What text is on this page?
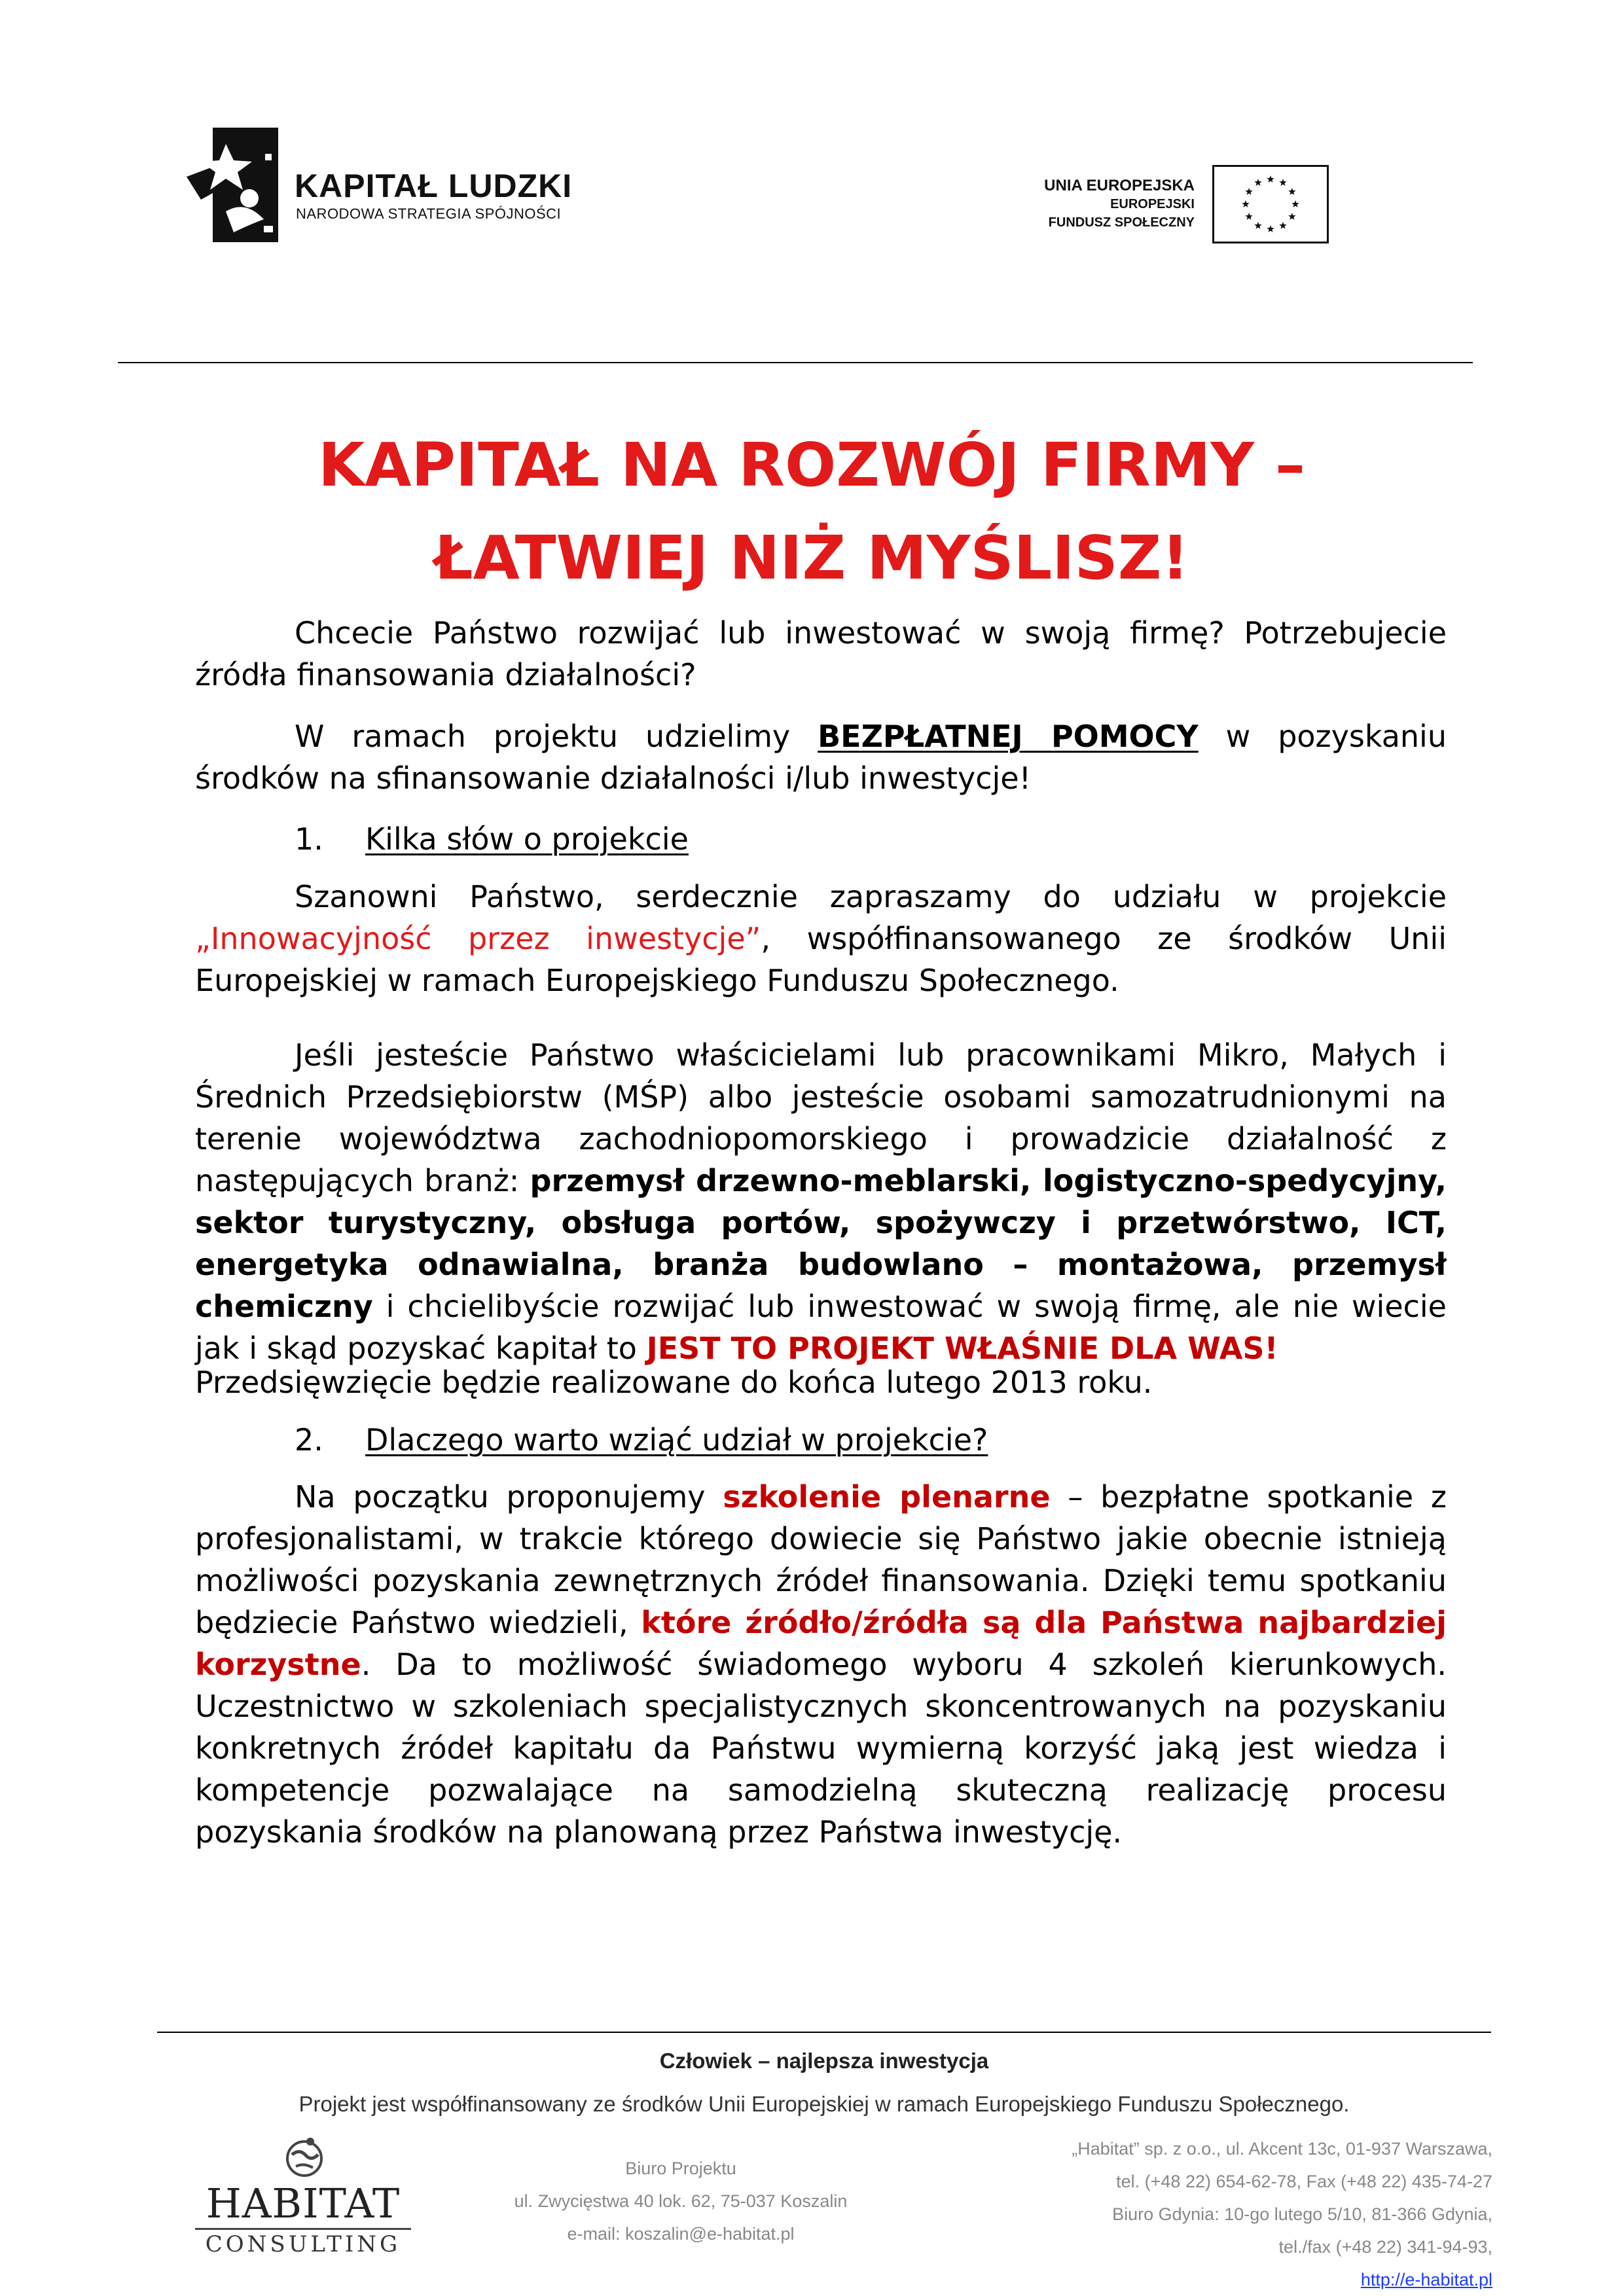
KAPITAŁ LUDZKI
NARODOWA STRATEGIA SPÓJNOŚCI
UNIA EUROPEJSKA
EUROPEJSKI
FUNDUSZ SPOŁECZNY
KAPITAŁ NA ROZWÓJ FIRMY –
ŁATWIEJ NIŻ MYŚLISZ!
Chcecie Państwo rozwijać lub inwestować w swoją firmę? Potrzebujecie źródła finansowania działalności?
W ramach projektu udzielimy BEZPŁATNEJ POMOCY w pozyskaniu środków na sfinansowanie działalności i/lub inwestycje!
1. Kilka słów o projekcie
Szanowni Państwo, serdecznie zapraszamy do udziału w projekcie „Innowacyjność przez inwestycje”, współfinansowanego ze środków Unii Europejskiej w ramach Europejskiego Funduszu Społecznego.
Jeśli jesteście Państwo właścicielami lub pracownikami Mikro, Małych i Średnich Przedsiębiorstw (MŚP) albo jesteście osobami samozatrudnionymi na terenie województwa zachodniopomorskiego i prowadzicie działalność z następujących branż: przemysł drzewno-meblarski, logistyczno-spedycyjny, sektor turystyczny, obsługa portów, spożywczy i przetwórstwo, ICT, energetyka odnawialna, branża budowlano – montażowa, przemysł chemiczny i chcielibyście rozwijać lub inwestować w swoją firmę, ale nie wiecie jak i skąd pozyskać kapitał to JEST TO PROJEKT WŁAŚNIE DLA WAS!
Przedsięwzięcie będzie realizowane do końca lutego 2013 roku.
2. Dlaczego warto wziąć udział w projekcie?
Na początku proponujemy szkolenie plenarne – bezpłatne spotkanie z profesjonalistami, w trakcie którego dowiecie się Państwo jakie obecnie istnieją możliwości pozyskania zewnętrznych źródeł finansowania. Dzięki temu spotkaniu będziecie Państwo wiedzieli, które źródło/źródła są dla Państwa najbardziej korzystne. Da to możliwość świadomego wyboru 4 szkoleń kierunkowych. Uczestnictwo w szkoleniach specjalistycznych skoncentrowanych na pozyskaniu konkretnych źródeł kapitału da Państwu wymierną korzyść jaką jest wiedza i kompetencje pozwalające na samodzielną skuteczną realizację procesu pozyskania środków na planowaną przez Państwa inwestycję.
Człowiek – najlepsza inwestycja
Projekt jest współfinansowany ze środków Unii Europejskiej w ramach Europejskiego Funduszu Społecznego.
HABITAT
CONSULTING
Biuro Projektu
ul. Zwycięstwa 40 lok. 62, 75-037 Koszalin
e-mail: koszalin@e-habitat.pl
„Habitat” sp. z o.o., ul. Akcent 13c, 01-937 Warszawa,
tel. (+48 22) 654-62-78, Fax (+48 22) 435-74-27
Biuro Gdynia: 10-go lutego 5/10, 81-366 Gdynia,
tel./fax (+48 22) 341-94-93,
http://e-habitat.pl
